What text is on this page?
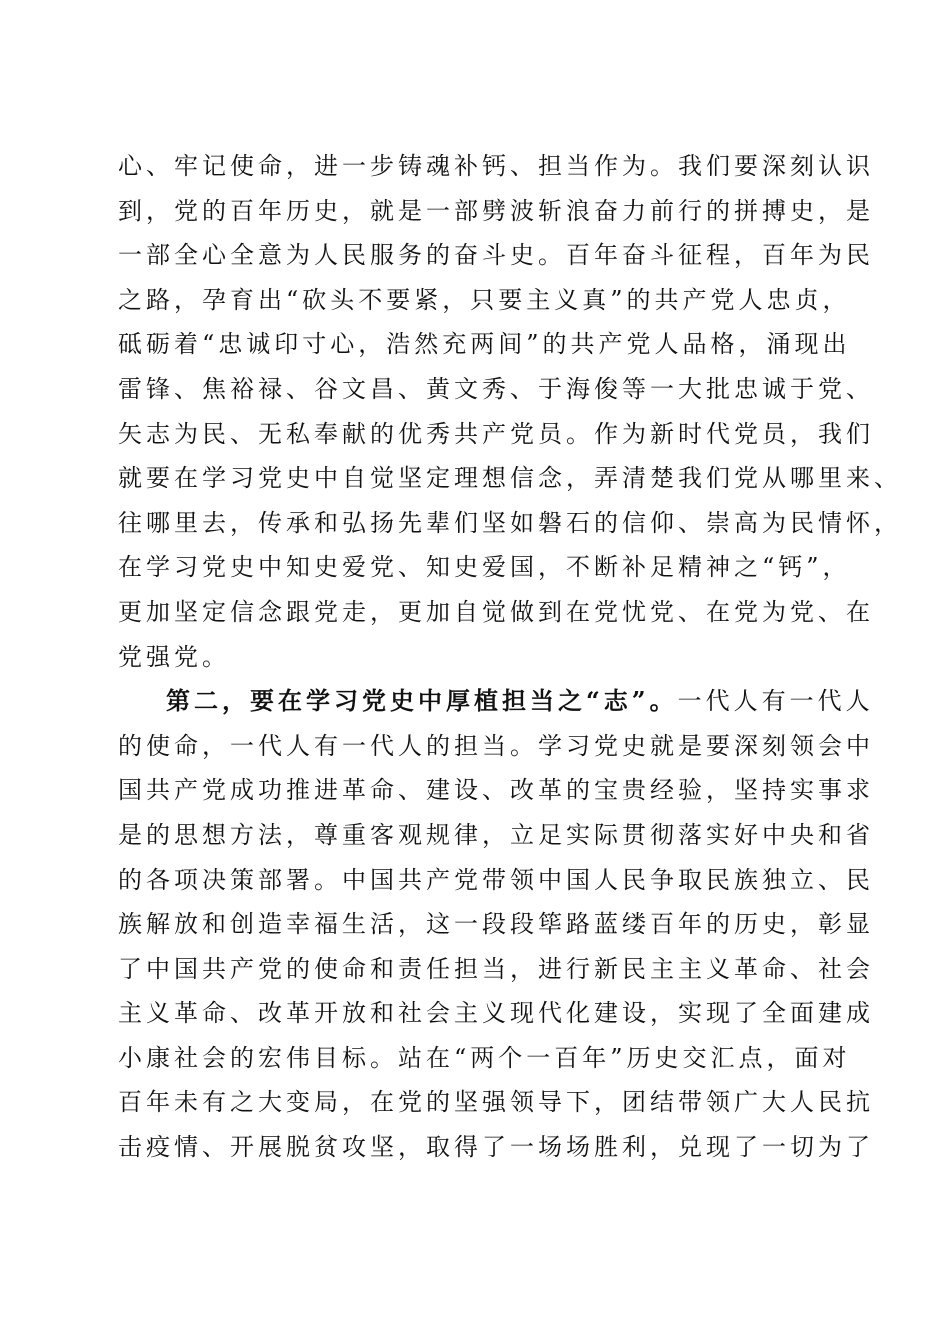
心、牢记使命，进一步铸魂补钙、担当作为。我们要深刻认识
到，党的百年历史，就是一部劈波斩浪奋力前行的拼搏史，是
一部全心全意为人民服务的奋斗史。百年奋斗征程，百年为民
之路，孕育出“砍头不要紧，只要主义真”的共产党人忠贞，
砥砺着“忠诚印寸心，浩然充两间”的共产党人品格，涌现出
雷锋、焦裕禄、谷文昌、黄文秀、于海俊等一大批忠诚于党、
矢志为民、无私奉献的优秀共产党员。作为新时代党员，我们
就要在学习党史中自觉坚定理想信念，弄清楚我们党从哪里来、
往哪里去，传承和弘扬先辈们坚如磐石的信仰、崇高为民情怀，
在学习党史中知史爱党、知史爱国，不断补足精神之“钙”，
更加坚定信念跟党走，更加自觉做到在党忧党、在党为党、在
党强党。
第二，要在学习党史中厚植担当之“志”。一代人有一代人
的使命，一代人有一代人的担当。学习党史就是要深刻领会中
国共产党成功推进革命、建设、改革的宝贵经验，坚持实事求
是的思想方法，尊重客观规律，立足实际贯彻落实好中央和省
的各项决策部署。中国共产党带领中国人民争取民族独立、民
族解放和创造幸福生活，这一段段筚路蓝缕百年的历史，彰显
了中国共产党的使命和责任担当，进行新民主主义革命、社会
主义革命、改革开放和社会主义现代化建设，实现了全面建成
小康社会的宏伟目标。站在“两个一百年”历史交汇点，面对
百年未有之大变局，在党的坚强领导下，团结带领广大人民抗
击疫情、开展脱贫攻坚，取得了一场场胜利，兑现了一切为了
